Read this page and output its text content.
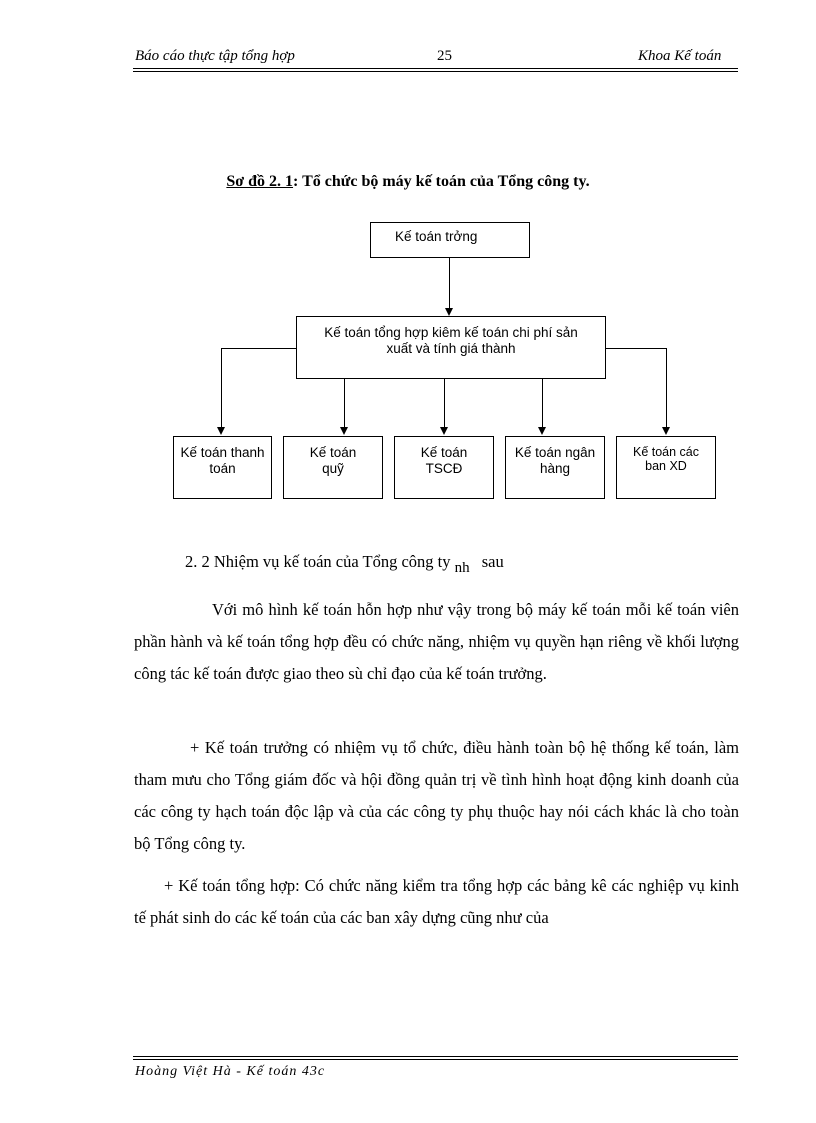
Báo cáo thực tập tổng hợp	25	Khoa Kế toán
Sơ đồ 2. 1: Tổ chức bộ máy kế toán của Tổng công ty.
Kế toán trởng
Kế toán tổng hợp kiêm kế toán chi phí sản xuất và tính giá thành
Kế toán thanh toán
Kế toán quỹ
Kế toán TSCĐ
Kế toán ngân hàng
Kế toán các ban XD
2. 2 Nhiệm vụ kế toán của Tổng công ty $_{nh}$ sau

Với mô hình kế toán hỗn hợp như vậy trong bộ máy kế toán mỗi kế toán viên phần hành và kế toán tổng hợp đều có chức năng, nhiệm vụ quyền hạn riêng về khối lượng công tác kế toán được giao theo sù chỉ đạo của kế toán trưởng.

+ Kế toán trưởng có nhiệm vụ tổ chức, điều hành toàn bộ hệ thống kế toán, làm tham mưu cho Tổng giám đốc và hội đồng quản trị về tình hình hoạt động kinh doanh của các công ty hạch toán độc lập và của các công ty phụ thuộc hay nói cách khác là cho toàn bộ Tổng công ty.

+ Kế toán tổng hợp: Có chức năng kiểm tra tổng hợp các bảng kê các nghiệp vụ kinh tế phát sinh do các kế toán của các ban xây dựng cũng như của

Hoàng Việt Hà - Kế toán 43c
